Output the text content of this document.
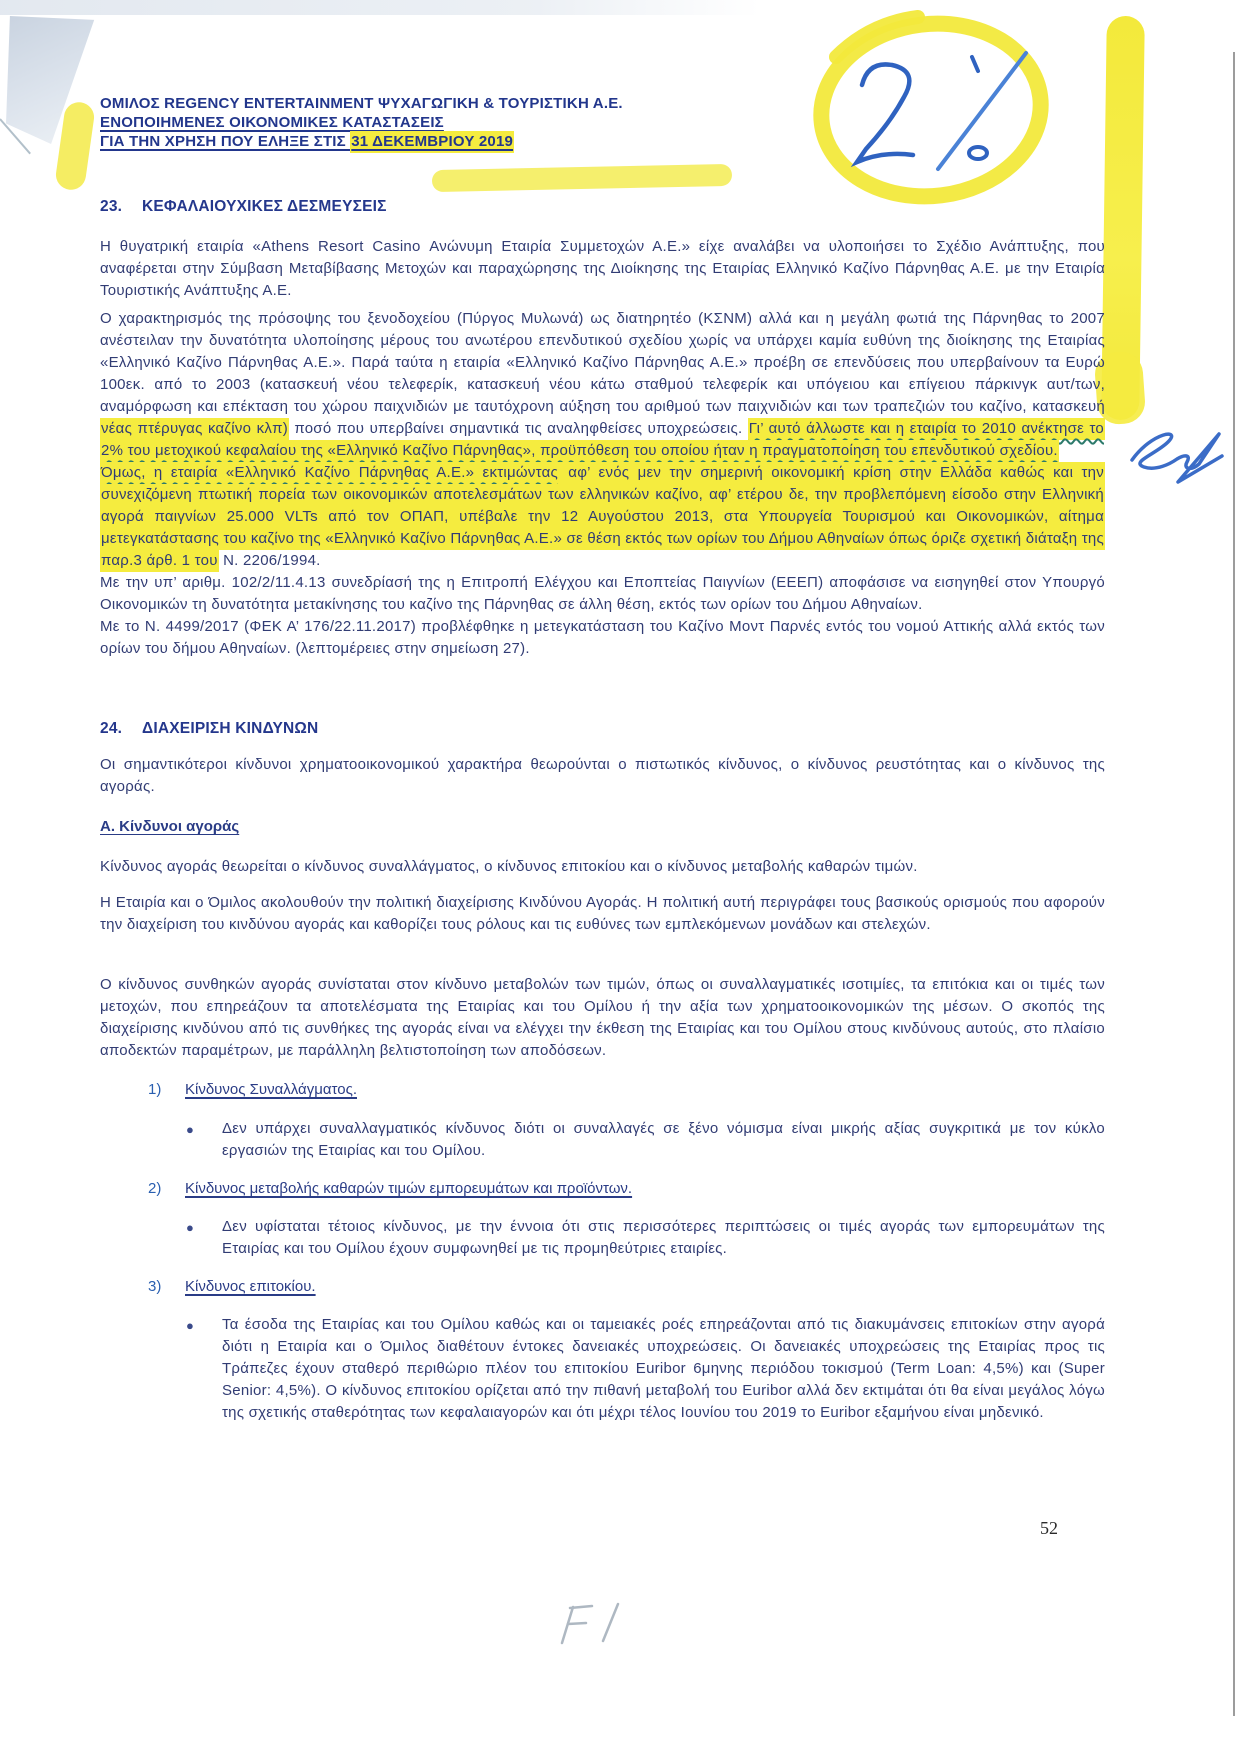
ΟΜΙΛΟΣ REGENCY ENTERTAINMENT ΨΥΧΑΓΩΓΙΚΗ & ΤΟΥΡΙΣΤΙΚΗ Α.Ε.
ΕΝΟΠΟΙΗΜΕΝΕΣ ΟΙΚΟΝΟΜΙΚΕΣ ΚΑΤΑΣΤΑΣΕΙΣ
ΓΙΑ ΤΗΝ ΧΡΗΣΗ ΠΟΥ ΕΛΗΞΕ ΣΤΙΣ 31 ΔΕΚΕΜΒΡΙΟΥ 2019
23. ΚΕΦΑΛΑΙΟΥΧΙΚΕΣ ΔΕΣΜΕΥΣΕΙΣ
Η θυγατρική εταιρία «Athens Resort Casino Ανώνυμη Εταιρία Συμμετοχών Α.Ε.» είχε αναλάβει να υλοποιήσει το Σχέδιο Ανάπτυξης, που αναφέρεται στην Σύμβαση Μεταβίβασης Μετοχών και παραχώρησης της Διοίκησης της Εταιρίας Ελληνικό Καζίνο Πάρνηθας Α.Ε. με την Εταιρία Τουριστικής Ανάπτυξης Α.Ε.

Ο χαρακτηρισμός της πρόσοψης του ξενοδοχείου (Πύργος Μυλωνά) ως διατηρητέο (ΚΣΝΜ) αλλά και η μεγάλη φωτιά της Πάρνηθας το 2007 ανέστειλαν την δυνατότητα υλοποίησης μέρους του ανωτέρου επενδυτικού σχεδίου χωρίς να υπάρχει καμία ευθύνη της διοίκησης της Εταιρίας «Ελληνικό Καζίνο Πάρνηθας Α.Ε.». Παρά ταύτα η εταιρία «Ελληνικό Καζίνο Πάρνηθας Α.Ε.» προέβη σε επενδύσεις που υπερβαίνουν τα Ευρώ 100εκ. από το 2003 (κατασκευή νέου τελεφερίκ, κατασκευή νέου κάτω σταθμού τελεφερίκ και υπόγειου και επίγειου πάρκινγκ αυτ/των, αναμόρφωση και επέκταση του χώρου παιχνιδιών με ταυτόχρονη αύξηση του αριθμού των παιχνιδιών και των τραπεζιών του καζίνο, κατασκευή νέας πτέρυγας καζίνο κλπ) ποσό που υπερβαίνει σημαντικά τις αναληφθείσες υποχρεώσεις. Γι’ αυτό άλλωστε και η εταιρία το 2010 ανέκτησε το 2% του μετοχικού κεφαλαίου της «Ελληνικό Καζίνο Πάρνηθας», προϋπόθεση του οποίου ήταν η πραγματοποίηση του επενδυτικού σχεδίου.

Όμως, η εταιρία «Ελληνικό Καζίνο Πάρνηθας Α.Ε.» εκτιμώντας αφ’ ενός μεν την σημερινή οικονομική κρίση στην Ελλάδα καθώς και την συνεχιζόμενη πτωτική πορεία των οικονομικών αποτελεσμάτων των ελληνικών καζίνο, αφ’ ετέρου δε, την προβλεπόμενη είσοδο στην Ελληνική αγορά παιγνίων 25.000 VLTs από τον ΟΠΑΠ, υπέβαλε την 12 Αυγούστου 2013, στα Υπουργεία Τουρισμού και Οικονομικών, αίτημα μετεγκατάστασης του καζίνο της «Ελληνικό Καζίνο Πάρνηθας Α.Ε.» σε θέση εκτός των ορίων του Δήμου Αθηναίων όπως όριζε σχετική διάταξη της παρ.3 άρθ. 1 του Ν. 2206/1994.

Με την υπ’ αριθμ. 102/2/11.4.13 συνεδρίασή της η Επιτροπή Ελέγχου και Εποπτείας Παιγνίων (ΕΕΕΠ) αποφάσισε να εισηγηθεί στον Υπουργό Οικονομικών τη δυνατότητα μετακίνησης του καζίνο της Πάρνηθας σε άλλη θέση, εκτός των ορίων του Δήμου Αθηναίων.

Με το Ν. 4499/2017 (ΦΕΚ Α’ 176/22.11.2017) προβλέφθηκε η μετεγκατάσταση του Καζίνο Μοντ Παρνές εντός του νομού Αττικής αλλά εκτός των ορίων του δήμου Αθηναίων. (λεπτομέρειες στην σημείωση 27).

24. ΔΙΑΧΕΙΡΙΣΗ ΚΙΝΔΥΝΩΝ
Οι σημαντικότεροι κίνδυνοι χρηματοοικονομικού χαρακτήρα θεωρούνται ο πιστωτικός κίνδυνος, ο κίνδυνος ρευστότητας και ο κίνδυνος της αγοράς.
Α. Κίνδυνοι αγοράς
Κίνδυνος αγοράς θεωρείται ο κίνδυνος συναλλάγματος, ο κίνδυνος επιτοκίου και ο κίνδυνος μεταβολής καθαρών τιμών.
Η Εταιρία και ο Όμιλος ακολουθούν την πολιτική διαχείρισης Κινδύνου Αγοράς. Η πολιτική αυτή περιγράφει τους βασικούς ορισμούς που αφορούν την διαχείριση του κινδύνου αγοράς και καθορίζει τους ρόλους και τις ευθύνες των εμπλεκόμενων μονάδων και στελεχών.
Ο κίνδυνος συνθηκών αγοράς συνίσταται στον κίνδυνο μεταβολών των τιμών, όπως οι συναλλαγματικές ισοτιμίες, τα επιτόκια και οι τιμές των μετοχών, που επηρεάζουν τα αποτελέσματα της Εταιρίας και του Ομίλου ή την αξία των χρηματοοικονομικών της μέσων. Ο σκοπός της διαχείρισης κινδύνου από τις συνθήκες της αγοράς είναι να ελέγχει την έκθεση της Εταιρίας και του Ομίλου στους κινδύνους αυτούς, στο πλαίσιο αποδεκτών παραμέτρων, με παράλληλη βελτιστοποίηση των αποδόσεων.
1) Κίνδυνος Συναλλάγματος.
●	Δεν υπάρχει συναλλαγματικός κίνδυνος διότι οι συναλλαγές σε ξένο νόμισμα είναι μικρής αξίας συγκριτικά με τον κύκλο εργασιών της Εταιρίας και του Ομίλου.
2) Κίνδυνος μεταβολής καθαρών τιμών εμπορευμάτων και προϊόντων.
●	Δεν υφίσταται τέτοιος κίνδυνος, με την έννοια ότι στις περισσότερες περιπτώσεις οι τιμές αγοράς των εμπορευμάτων της Εταιρίας και του Ομίλου έχουν συμφωνηθεί με τις προμηθεύτριες εταιρίες.
3) Κίνδυνος επιτοκίου.
●	Τα έσοδα της Εταιρίας και του Ομίλου καθώς και οι ταμειακές ροές επηρεάζονται από τις διακυμάνσεις επιτοκίων στην αγορά διότι η Εταιρία και ο Όμιλος διαθέτουν έντοκες δανειακές υποχρεώσεις. Οι δανειακές υποχρεώσεις της Εταιρίας προς τις Τράπεζες έχουν σταθερό περιθώριο πλέον του επιτοκίου Euribor 6μηνης περιόδου τοκισμού (Term Loan: 4,5%) και (Super Senior: 4,5%). Ο κίνδυνος επιτοκίου ορίζεται από την πιθανή μεταβολή του Euribor αλλά δεν εκτιμάται ότι θα είναι μεγάλος λόγω της σχετικής σταθερότητας των κεφαλαιαγορών και ότι μέχρι τέλος Ιουνίου του 2019 το Euribor εξαμήνου είναι μηδενικό.
52
